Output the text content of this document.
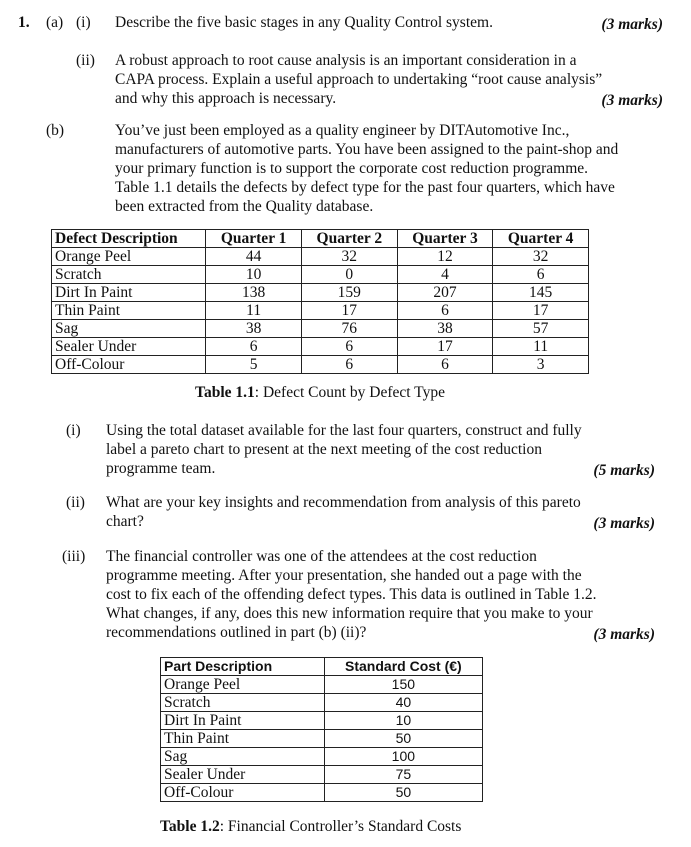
1. (a) (i) Describe the five basic stages in any Quality Control system.	(3 marks)
(ii) A robust approach to root cause analysis is an important consideration in a CAPA process. Explain a useful approach to undertaking “root cause analysis” and why this approach is necessary.	(3 marks)
(b)	You’ve just been employed as a quality engineer by DITAutomotive Inc., manufacturers of automotive parts. You have been assigned to the paint-shop and your primary function is to support the corporate cost reduction programme. Table 1.1 details the defects by defect type for the past four quarters, which have been extracted from the Quality database.
Defect Description	Quarter 1	Quarter 2	Quarter 3	Quarter 4
Orange Peel	44	32	12	32
Scratch	10	0	4	6
Dirt In Paint	138	159	207	145
Thin Paint	11	17	6	17
Sag	38	76	38	57
Sealer Under	6	6	17	11
Off-Colour	5	6	6	3
Table 1.1: Defect Count by Defect Type
(i) Using the total dataset available for the last four quarters, construct and fully label a pareto chart to present at the next meeting of the cost reduction programme team.	(5 marks)
(ii) What are your key insights and recommendation from analysis of this pareto chart?	(3 marks)
(iii) The financial controller was one of the attendees at the cost reduction programme meeting. After your presentation, she handed out a page with the cost to fix each of the offending defect types. This data is outlined in Table 1.2. What changes, if any, does this new information require that you make to your recommendations outlined in part (b) (ii)?	(3 marks)
Part Description	Standard Cost (€)
Orange Peel	150
Scratch	40
Dirt In Paint	10
Thin Paint	50
Sag	100
Sealer Under	75
Off-Colour	50
Table 1.2: Financial Controller’s Standard Costs
